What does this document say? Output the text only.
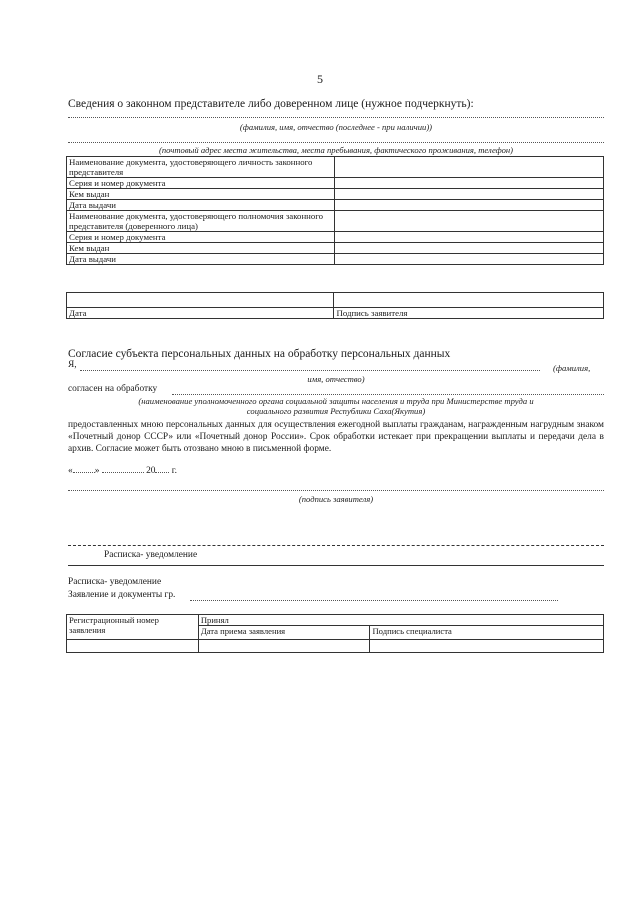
5
Сведения о законном представителе либо доверенном лице (нужное подчеркнуть):
(фамилия, имя, отчество (последнее - при наличии))
(почтовый адрес места жительства, места пребывания, фактического проживания, телефон)
Наименование документа, удостоверяющего личность законного представителя	
Серия и номер документа	
Кем выдан	
Дата выдачи	
Наименование документа, удостоверяющего полномочия законного представителя (доверенного лица)	
Серия и номер документа	
Кем выдан	
Дата выдачи	

Дата	Подпись заявителя
Согласие субъекта персональных данных на обработку персональных данных
Я,	(фамилия,
имя, отчество)
согласен на обработку
(наименование уполномоченного органа социальной защиты населения и труда при Министерстве труда и
социального развития Республики Саха(Якутия)
предоставленных мною персональных данных для осуществления ежегодной выплаты гражданам, награжденным нагрудным знаком «Почетный донор СССР» или «Почетный донор России». Срок обработки истекает при прекращении выплаты и передачи дела в архив. Согласие может быть отозвано мною в письменной форме.
« »	20 г.
(подпись заявителя)
Расписка- уведомление
Расписка- уведомление
Заявление и документы гр.
Регистрационный номер заявления	Принял	
	Дата приема заявления	Подпись специалиста
